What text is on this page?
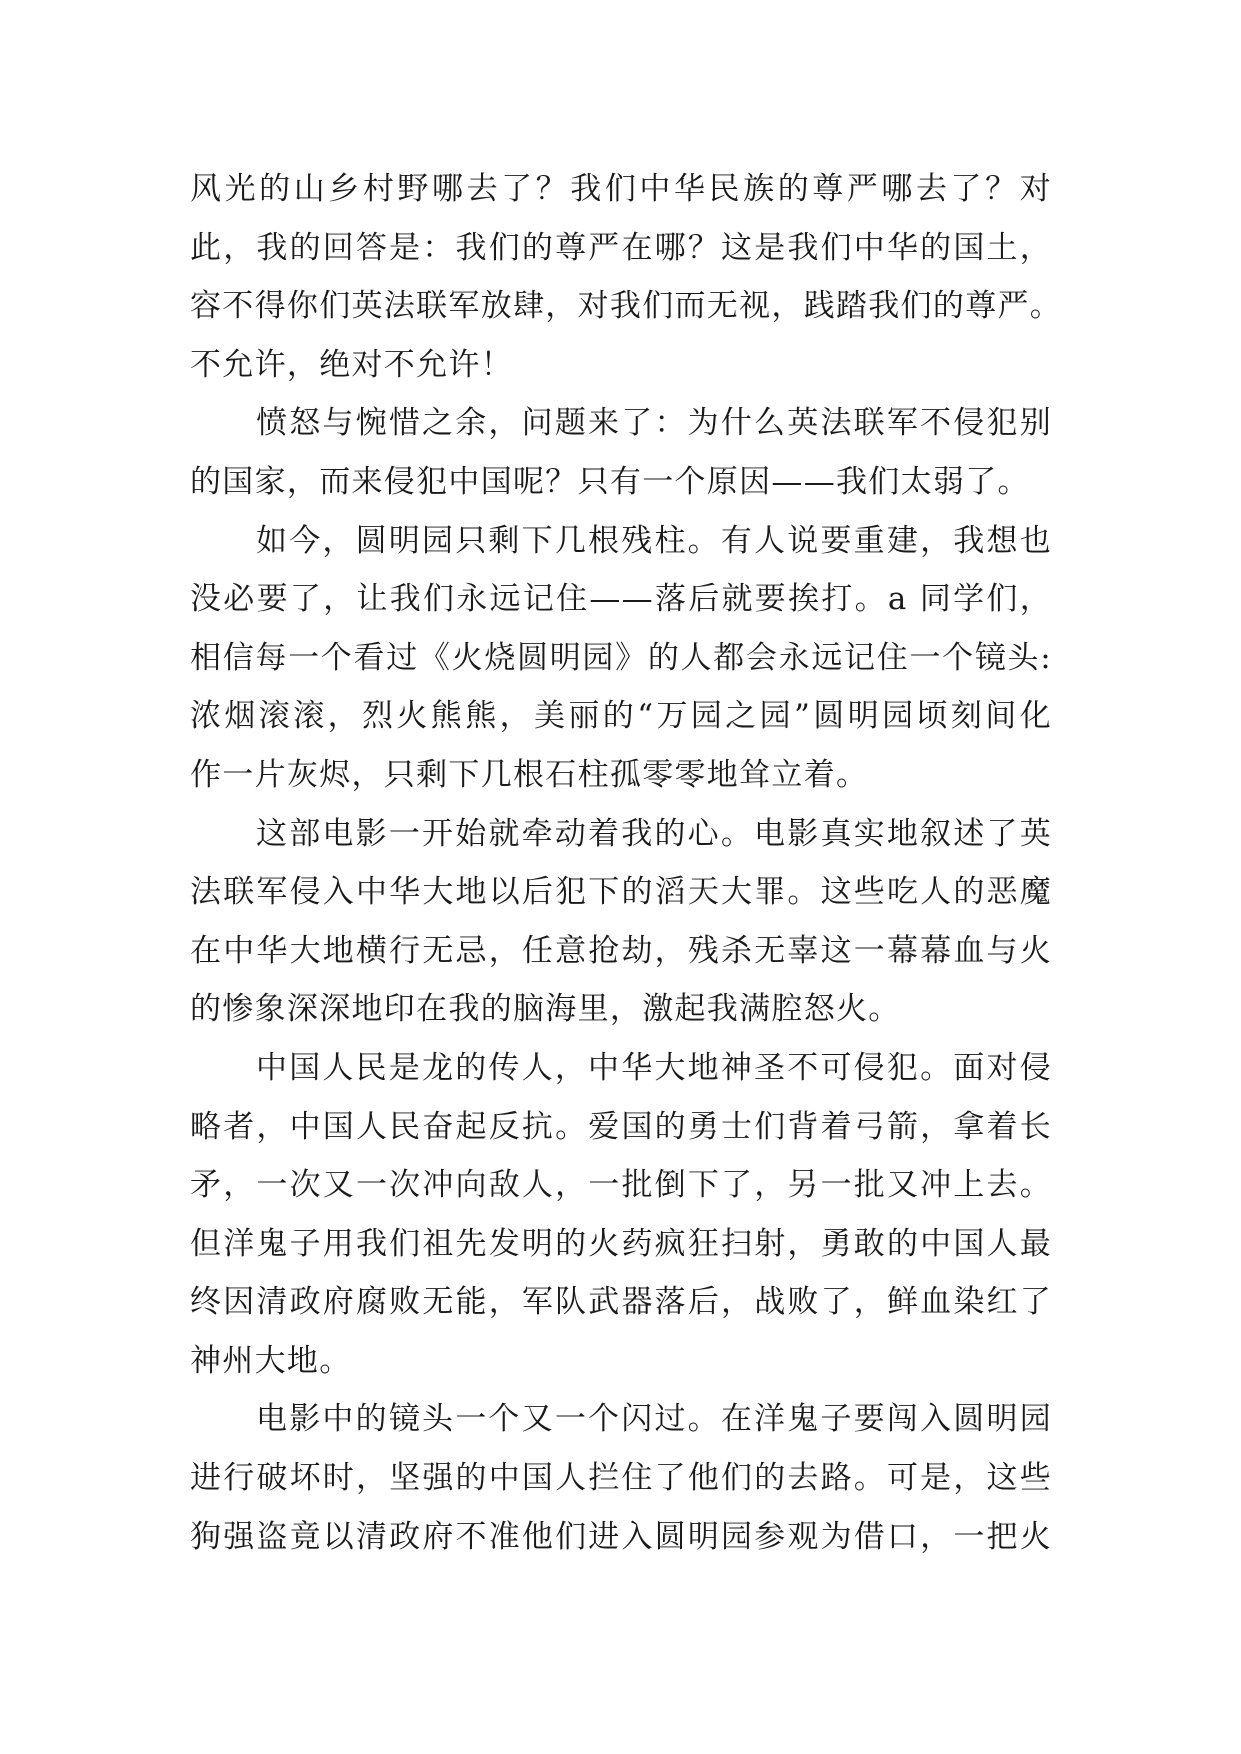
风光的山乡村野哪去了？我们中华民族的尊严哪去了？对
此，我的回答是：我们的尊严在哪？这是我们中华的国土，
容不得你们英法联军放肆，对我们而无视，践踏我们的尊严。
不允许，绝对不允许！
愤怒与惋惜之余，问题来了：为什么英法联军不侵犯别
的国家，而来侵犯中国呢？只有一个原因——我们太弱了。
如今，圆明园只剩下几根残柱。有人说要重建，我想也
没必要了，让我们永远记住——落后就要挨打。a 同学们，
相信每一个看过《火烧圆明园》的人都会永远记住一个镜头:
浓烟滚滚，烈火熊熊，美丽的“万园之园”圆明园顷刻间化
作一片灰烬，只剩下几根石柱孤零零地耸立着。
这部电影一开始就牵动着我的心。电影真实地叙述了英
法联军侵入中华大地以后犯下的滔天大罪。这些吃人的恶魔
在中华大地横行无忌，任意抢劫，残杀无辜这一幕幕血与火
的惨象深深地印在我的脑海里，激起我满腔怒火。
中国人民是龙的传人，中华大地神圣不可侵犯。面对侵
略者，中国人民奋起反抗。爱国的勇士们背着弓箭，拿着长
矛，一次又一次冲向敌人，一批倒下了，另一批又冲上去。
但洋鬼子用我们祖先发明的火药疯狂扫射，勇敢的中国人最
终因清政府腐败无能，军队武器落后，战败了，鲜血染红了
神州大地。
电影中的镜头一个又一个闪过。在洋鬼子要闯入圆明园
进行破坏时，坚强的中国人拦住了他们的去路。可是，这些
狗强盗竟以清政府不准他们进入圆明园参观为借口，一把火
